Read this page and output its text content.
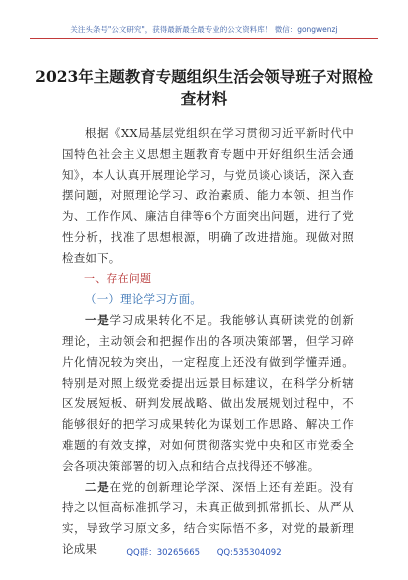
关注头条号"公文研究"，获得最新最全最专业的公文资料库！ 微信：gongwenzj
2023年主题教育专题组织生活会领导班子对照检查材料

根据《XX局基层党组织在学习贯彻习近平新时代中国特色社会主义思想主题教育专题中开好组织生活会通知》，本人认真开展理论学习，与党员谈心谈话，深入查摆问题，对照理论学习、政治素质、能力本领、担当作为、工作作风、廉洁自律等6个方面突出问题，进行了党性分析，找准了思想根源，明确了改进措施。现做对照检查如下。

一、存在问题

（一）理论学习方面。

一是学习成果转化不足。我能够认真研读党的创新理论，主动领会和把握作出的各项决策部署，但学习碎片化情况较为突出，一定程度上还没有做到学懂弄通。特别是对照上级党委提出远景目标建议，在科学分析辖区发展短板、研判发展战略、做出发展规划过程中，不能够很好的把学习成果转化为谋划工作思路、解决工作难题的有效支撑，对如何贯彻落实党中央和区市党委全会各项决策部署的切入点和结合点找得还不够准。

二是在党的创新理论学深、深悟上还有差距。没有持之以恒高标准抓学习，未真正做到抓常抓长、从严从实，导致学习原文多，结合实际悟不多，对党的最新理论成果	QQ群：30265665 QQ:535304092
